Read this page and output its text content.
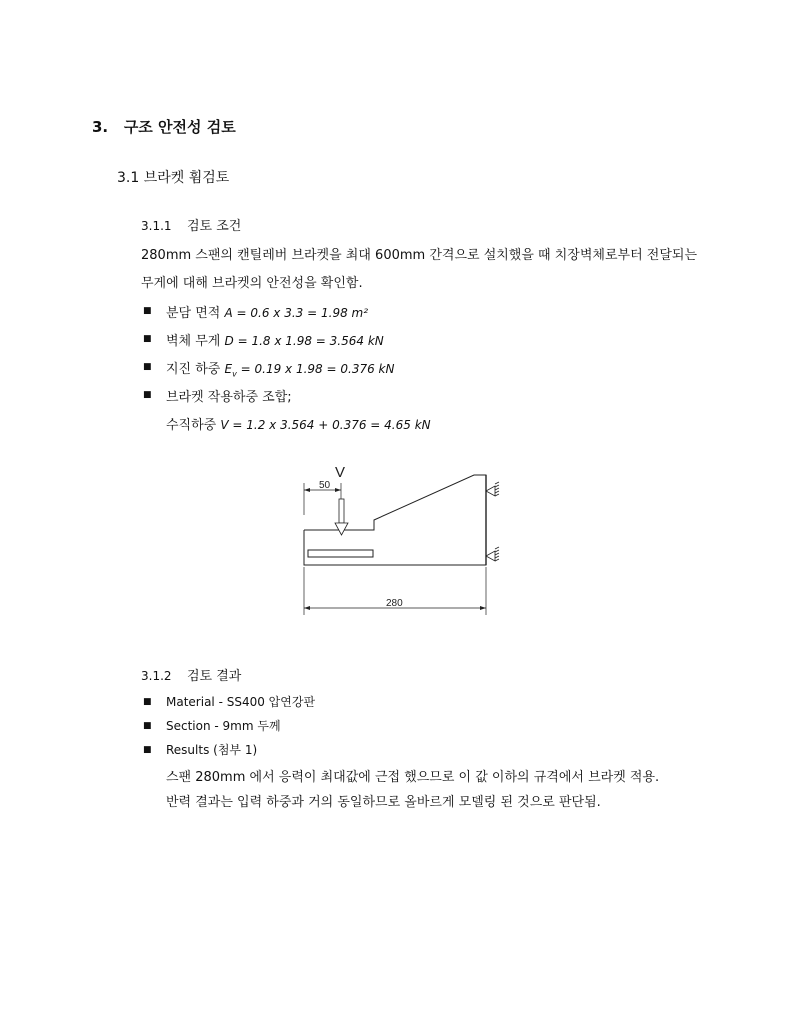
3. 구조 안전성 검토
3.1 브라켓 휨검토
3.1.1 검토 조건
280mm 스팬의 캔틸레버 브라켓을 최대 600mm 간격으로 설치했을 때 치장벽체로부터 전달되는
무게에 대해 브라켓의 안전성을 확인함.
■ 분담 면적 A = 0.6 x 3.3 = 1.98 m²
■ 벽체 무게 D = 1.8 x 1.98 = 3.564 kN
■ 지진 하중 $E_v = 0.19$ x 1.98 = 0.376 kN
■ 브라켓 작용하중 조합;
수직하중 V = 1.2 x 3.564 + 0.376 = 4.65 kN
V
50
280
3.1.2 검토 결과
■ Material - SS400 압연강판
■ Section - 9mm 두께
■ Results (첨부 1)
스팬 280mm 에서 응력이 최대값에 근접 했으므로 이 값 이하의 규격에서 브라켓 적용.
반력 결과는 입력 하중과 거의 동일하므로 올바르게 모델링 된 것으로 판단됨.
